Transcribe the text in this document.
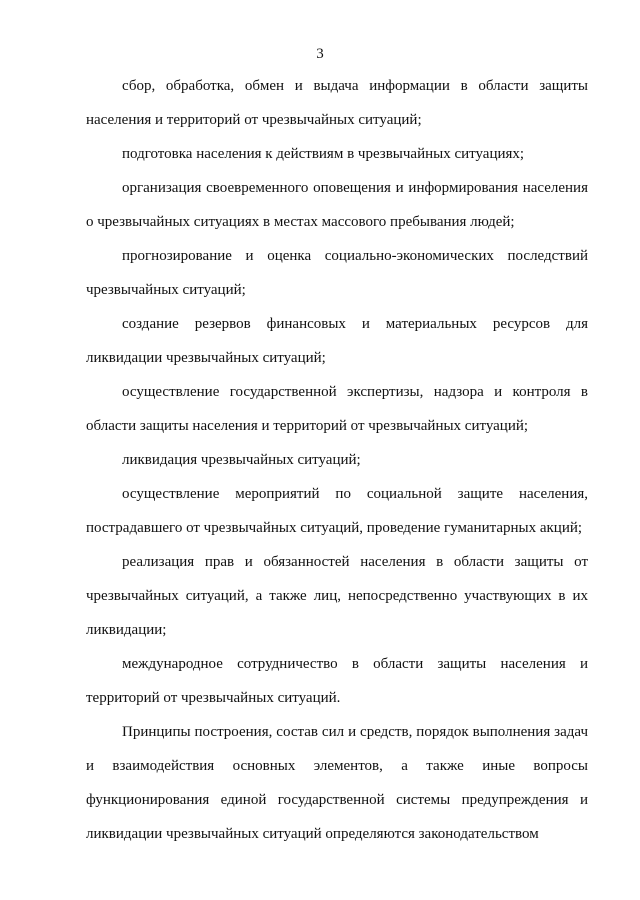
3

сбор, обработка, обмен и выдача информации в области защиты населения и территорий от чрезвычайных ситуаций;

подготовка населения к действиям в чрезвычайных ситуациях;

организация своевременного оповещения и информирования населения о чрезвычайных ситуациях в местах массового пребывания людей;

прогнозирование и оценка социально-экономических последствий чрезвычайных ситуаций;

создание резервов финансовых и материальных ресурсов для ликвидации чрезвычайных ситуаций;

осуществление государственной экспертизы, надзора и контроля в области защиты населения и территорий от чрезвычайных ситуаций;

ликвидация чрезвычайных ситуаций;

осуществление мероприятий по социальной защите населения, пострадавшего от чрезвычайных ситуаций, проведение гуманитарных акций;

реализация прав и обязанностей населения в области защиты от чрезвычайных ситуаций, а также лиц, непосредственно участвующих в их ликвидации;

международное сотрудничество в области защиты населения и территорий от чрезвычайных ситуаций.

Принципы построения, состав сил и средств, порядок выполнения задач и взаимодействия основных элементов, а также иные вопросы функционирования единой государственной системы предупреждения и ликвидации чрезвычайных ситуаций определяются законодательством
